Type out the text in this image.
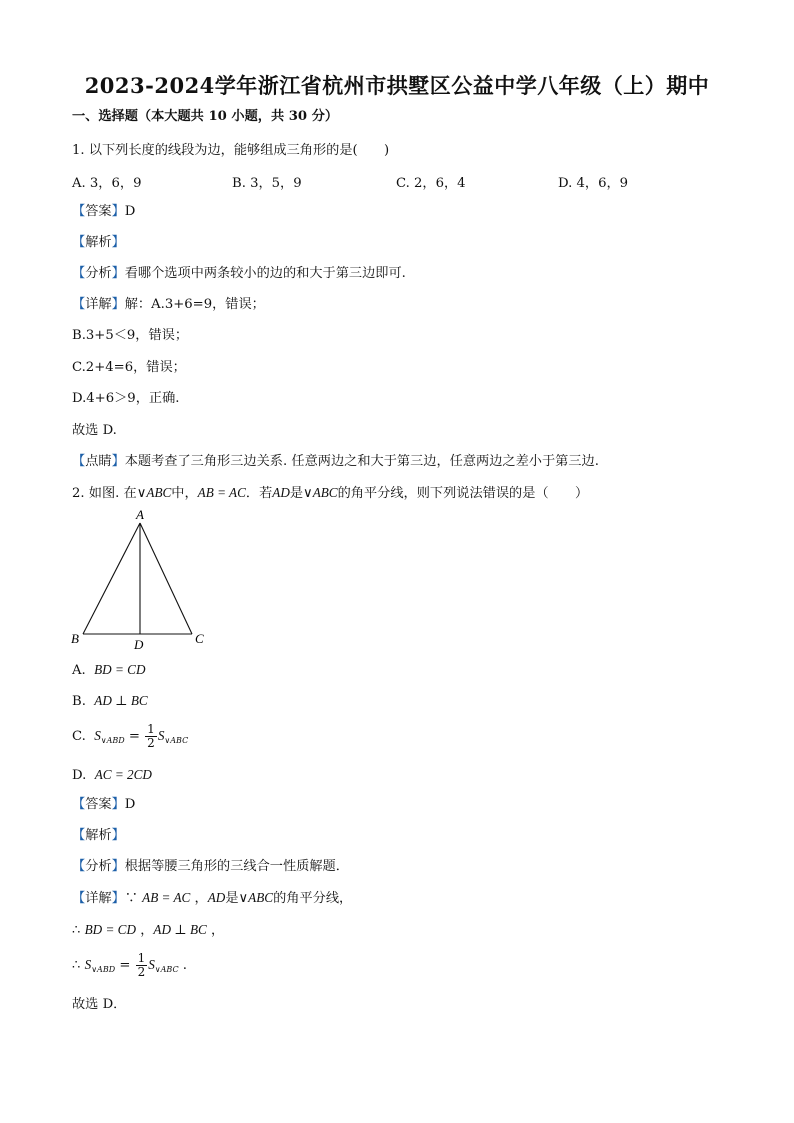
2023-2024学年浙江省杭州市拱墅区公益中学八年级（上）期中
一、选择题（本大题共 10 小题，共 30 分）
1. 以下列长度的线段为边，能够组成三角形的是(　　)
A. 3，6，9	B. 3，5，9	C. 2，6，4	D. 4，6，9
【答案】D
【解析】
【分析】看哪个选项中两条较小的边的和大于第三边即可.
【详解】解：A.3+6=9，错误；
B.3+5＜9，错误；
C.2+4=6，错误；
D.4+6＞9，正确.
故选 D.
【点睛】本题考查了三角形三边关系. 任意两边之和大于第三边，任意两边之差小于第三边.
2. 如图. 在∨ABC中，AB = AC．若AD是∨ABC的角平分线，则下列说法错误的是（　　）
A
B	C
D
A. BD = CD
B. AD ⊥ BC
C. $S_{\vee ABD} = \frac{1}{2} S_{\vee ABC}$
D. AC = 2CD
【答案】D
【解析】
【分析】根据等腰三角形的三线合一性质解题．
【详解】∵ AB = AC ，AD是∨ABC的角平分线，
∴ BD = CD ，AD ⊥ BC ，
∴ $S_{\vee ABD} = \frac{1}{2} S_{\vee ABC}$ .
故选 D．
